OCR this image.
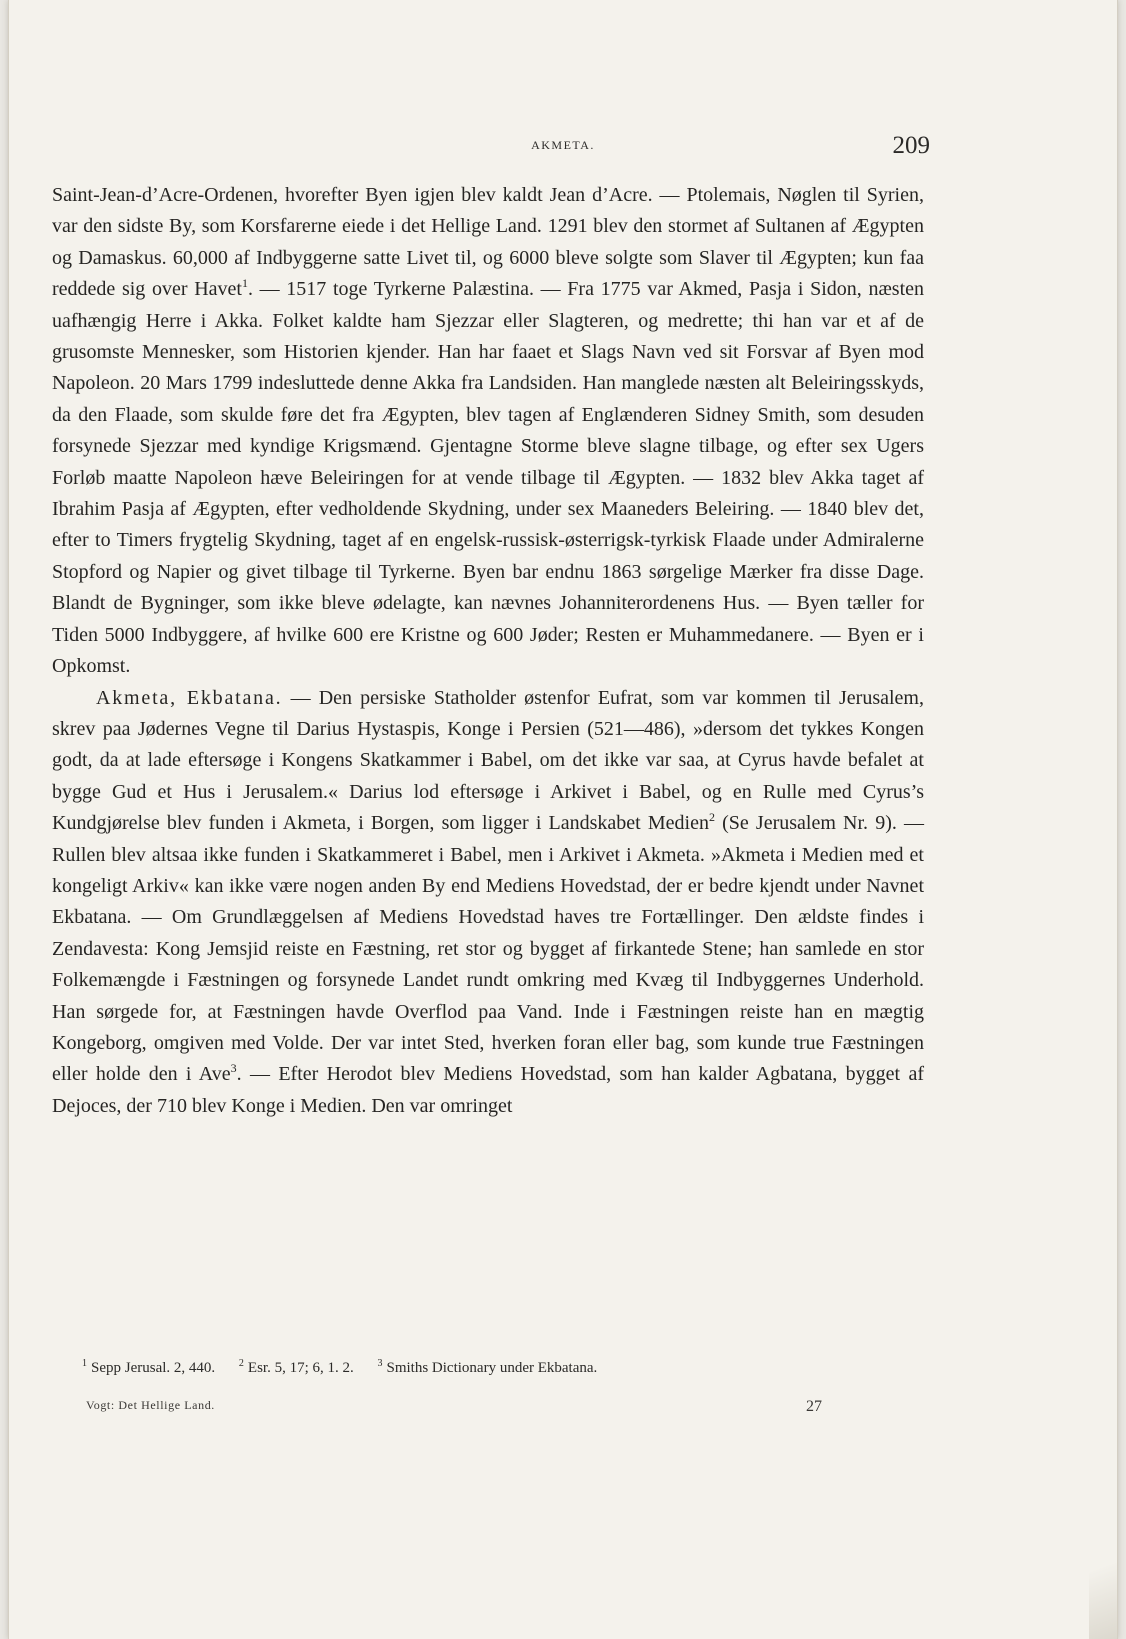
AKMETA.	209

Saint-Jean-d’Acre-Ordenen, hvorefter Byen igjen blev kaldt Jean d’Acre. — Ptolemais, Nøglen til Syrien, var den sidste By, som Korsfarerne eiede i det Hellige Land. 1291 blev den stormet af Sultanen af Ægypten og Damaskus. 60,000 af Indbyggerne satte Livet til, og 6000 bleve solgte som Slaver til Ægypten; kun faa reddede sig over Havet$^1$. — 1517 toge Tyrkerne Palæstina. — Fra 1775 var Akmed, Pasja i Sidon, næsten uafhængig Herre i Akka. Folket kaldte ham Sjezzar eller Slagteren, og medrette; thi han var et af de grusomste Mennesker, som Historien kjender. Han har faaet et Slags Navn ved sit Forsvar af Byen mod Napoleon. 20 Mars 1799 indesluttede denne Akka fra Landsiden. Han manglede næsten alt Beleiringsskyds, da den Flaade, som skulde føre det fra Ægypten, blev tagen af Englænderen Sidney Smith, som desuden forsynede Sjezzar med kyndige Krigsmænd. Gjentagne Storme bleve slagne tilbage, og efter sex Ugers Forløb maatte Napoleon hæve Beleiringen for at vende tilbage til Ægypten. — 1832 blev Akka taget af Ibrahim Pasja af Ægypten, efter vedholdende Skydning, under sex Maaneders Beleiring. — 1840 blev det, efter to Timers frygtelig Skydning, taget af en engelsk-russisk-østerrigsk-tyrkisk Flaade under Admiralerne Stopford og Napier og givet tilbage til Tyrkerne. Byen bar endnu 1863 sørgelige Mærker fra disse Dage. Blandt de Bygninger, som ikke bleve ødelagte, kan nævnes Johanniterordenens Hus. — Byen tæller for Tiden 5000 Indbyggere, af hvilke 600 ere Kristne og 600 Jøder; Resten er Muhammedanere. — Byen er i Opkomst.

Akmeta, Ekbatana. — Den persiske Statholder østenfor Eufrat, som var kommen til Jerusalem, skrev paa Jødernes Vegne til Darius Hystaspis, Konge i Persien (521—486), »dersom det tykkes Kongen godt, da at lade eftersøge i Kongens Skatkammer i Babel, om det ikke var saa, at Cyrus havde befalet at bygge Gud et Hus i Jerusalem.« Darius lod eftersøge i Arkivet i Babel, og en Rulle med Cyrus’s Kundgjørelse blev funden i Akmeta, i Borgen, som ligger i Landskabet Medien$^2$ (Se Jerusalem Nr. 9). — Rullen blev altsaa ikke funden i Skatkammeret i Babel, men i Arkivet i Akmeta. »Akmeta i Medien med et kongeligt Arkiv« kan ikke være nogen anden By end Mediens Hovedstad, der er bedre kjendt under Navnet Ekbatana. — Om Grundlæggelsen af Mediens Hovedstad haves tre Fortællinger. Den ældste findes i Zendavesta: Kong Jemsjid reiste en Fæstning, ret stor og bygget af firkantede Stene; han samlede en stor Folkemængde i Fæstningen og forsynede Landet rundt omkring med Kvæg til Indbyggernes Underhold. Han sørgede for, at Fæstningen havde Overflod paa Vand. Inde i Fæstningen reiste han en mægtig Kongeborg, omgiven med Volde. Der var intet Sted, hverken foran eller bag, som kunde true Fæstningen eller holde den i Ave$^3$. — Efter Herodot blev Mediens Hovedstad, som han kalder Agbatana, bygget af Dejoces, der 710 blev Konge i Medien. Den var omringet

$^1$ Sepp Jerusal. 2, 440. $^2$ Esr. 5, 17; 6, 1. 2. $^3$ Smiths Dictionary under Ekbatana.
Vogt: Det Hellige Land.	27
